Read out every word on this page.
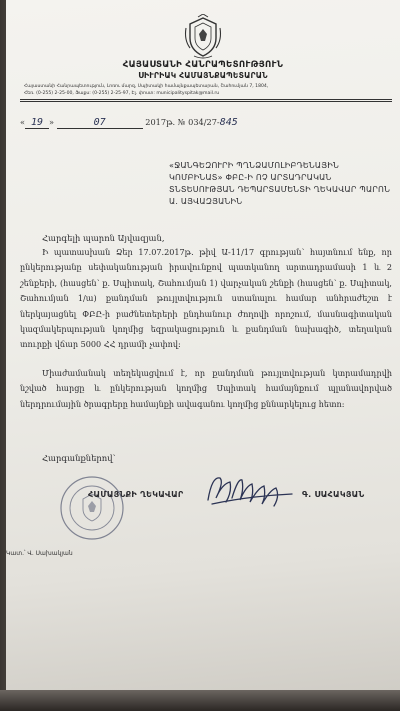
ՀԱՅԱՍՏԱՆԻ ՀԱՆՐԱՊԵՏՈՒԹՅՈՒՆ
ՍԻՒՐԻԱԿ ՀԱՄԱՅՆՔԱՊԵՏԱՐԱՆ
Հայաստանի Հանրապետություն, Լոռու մարզ, Սպիտակի համայնքապետարան, Շահումյան 7, 1804,
Հեռ. (0-255) 2-25-00, Ֆաքս: (0-255) 2-25-97, Էլ. փոստ: municipalityspitak@mail.ru
« 19 »	07	2017թ. № 034/27-845
«ՋԱՆԳԵԶՈՒՐԻ ՊՂՆՁԱՄՈԼԻԲԴԵՆԱՅԻՆ ԿՈՄԲԻՆԱՏ» ՓԲԸ-Ի ՈՉ ԱՐՏԱԴՐԱԿԱՆ ՏՆՏԵՍՈՒԹՅԱՆ ԴԵՊԱՐՏԱՄԵՆՏԻ ՂԵԿԱՎԱՐ ՊԱՐՈՆ Ա. ԱՅՎԱԶՅԱՆԻՆ
Հարգելի պարոն Այվազյան,
Ի պատասխան Ձեր 17.07.2017թ. թիվ Ա-11/17 գրության՝ հայտնում ենք, որ ընկերությանը սեփականության իրավունքով պատկանող արտադրամասի 1 և 2 շենքերի, (հասցեն՝ ք. Սպիտակ, Շահումյան 1) վարչական շենքի (հասցեն՝ ք. Սպիտակ, Շահումյան 1/ա) քանդման թույլտվություն ստանալու համար անհրաժեշտ է ներկայացնել ՓԲԸ-ի բաժնետերերի ընդհանուր ժողովի որոշում, մասնագիտական կազմակերպության կողմից եզրակացություն և քանդման նախագիծ, տեղական տուրքի վճար 5000 ՀՀ դրամի չափով:
Միաժամանակ տեղեկացվում է, որ քանդման թույլտվության կտրամադրվի նշված հարցը և ընկերության կողմից Սպիտակ համայնքում պլանավորված ներդրումային ծրագրերը համայնքի ավագանու կողմից քննարկելուց հետո:
Հարգանքներով՝
ՀԱՄԱՅՆՔԻ ՂԵԿԱՎԱՐ	Գ. ՍԱՀԱԿՅԱՆ
Կատ.՝ Վ. Սախակյան
